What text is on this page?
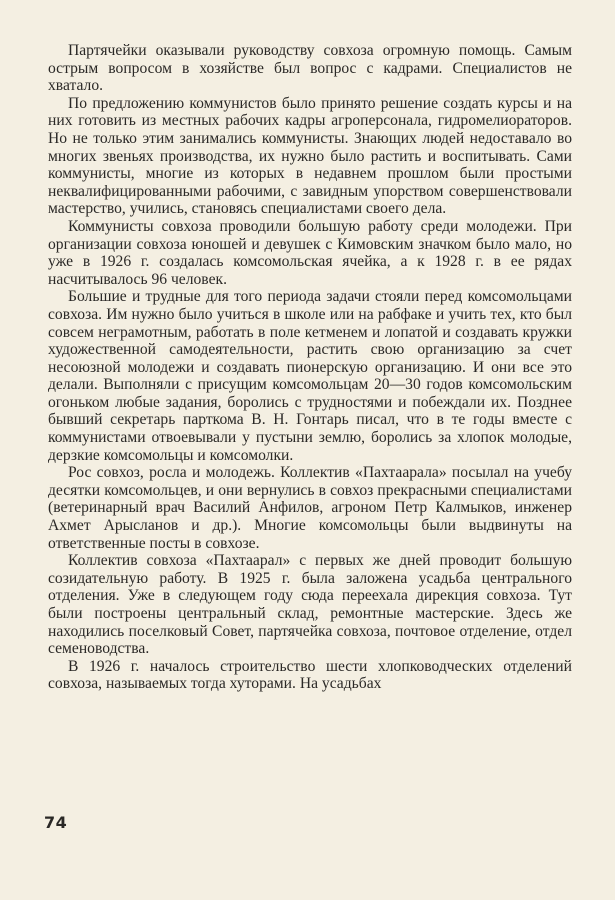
Партячейки оказывали руководству совхоза огромную помощь. Самым острым вопросом в хозяйстве был вопрос с кадрами. Специалистов не хватало.

По предложению коммунистов было принято решение создать курсы и на них готовить из местных рабочих кадры агроперсонала, гидромелиораторов. Но не только этим занимались коммунисты. Знающих людей недоставало во многих звеньях производства, их нужно было растить и воспитывать. Сами коммунисты, многие из которых в недавнем прошлом были простыми неквалифицированными рабочими, с завидным упорством совершенствовали мастерство, учились, становясь специалистами своего дела.

Коммунисты совхоза проводили большую работу среди молодежи. При организации совхоза юношей и девушек с Кимовским значком было мало, но уже в 1926 г. создалась комсомольская ячейка, а к 1928 г. в ее рядах насчитывалось 96 человек.

Большие и трудные для того периода задачи стояли перед комсомольцами совхоза. Им нужно было учиться в школе или на рабфаке и учить тех, кто был совсем неграмотным, работать в поле кетменем и лопатой и создавать кружки художественной самодеятельности, растить свою организацию за счет несоюзной молодежи и создавать пионерскую организацию. И они все это делали. Выполняли с присущим комсомольцам 20—30 годов комсомольским огоньком любые задания, боролись с трудностями и побеждали их. Позднее бывший секретарь парткома В. Н. Гонтарь писал, что в те годы вместе с коммунистами отвоевывали у пустыни землю, боролись за хлопок молодые, дерзкие комсомольцы и комсомолки.

Рос совхоз, росла и молодежь. Коллектив «Пахтаарала» посылал на учебу десятки комсомольцев, и они вернулись в совхоз прекрасными специалистами (ветеринарный врач Василий Анфилов, агроном Петр Калмыков, инженер Ахмет Арысланов и др.). Многие комсомольцы были выдвинуты на ответственные посты в совхозе.

Коллектив совхоза «Пахтаарал» с первых же дней проводит большую созидательную работу. В 1925 г. была заложена усадьба центрального отделения. Уже в следующем году сюда переехала дирекция совхоза. Тут были построены центральный склад, ремонтные мастерские. Здесь же находились поселковый Совет, партячейка совхоза, почтовое отделение, отдел семеноводства.

В 1926 г. началось строительство шести хлопководческих отделений совхоза, называемых тогда хуторами. На усадьбах

74
